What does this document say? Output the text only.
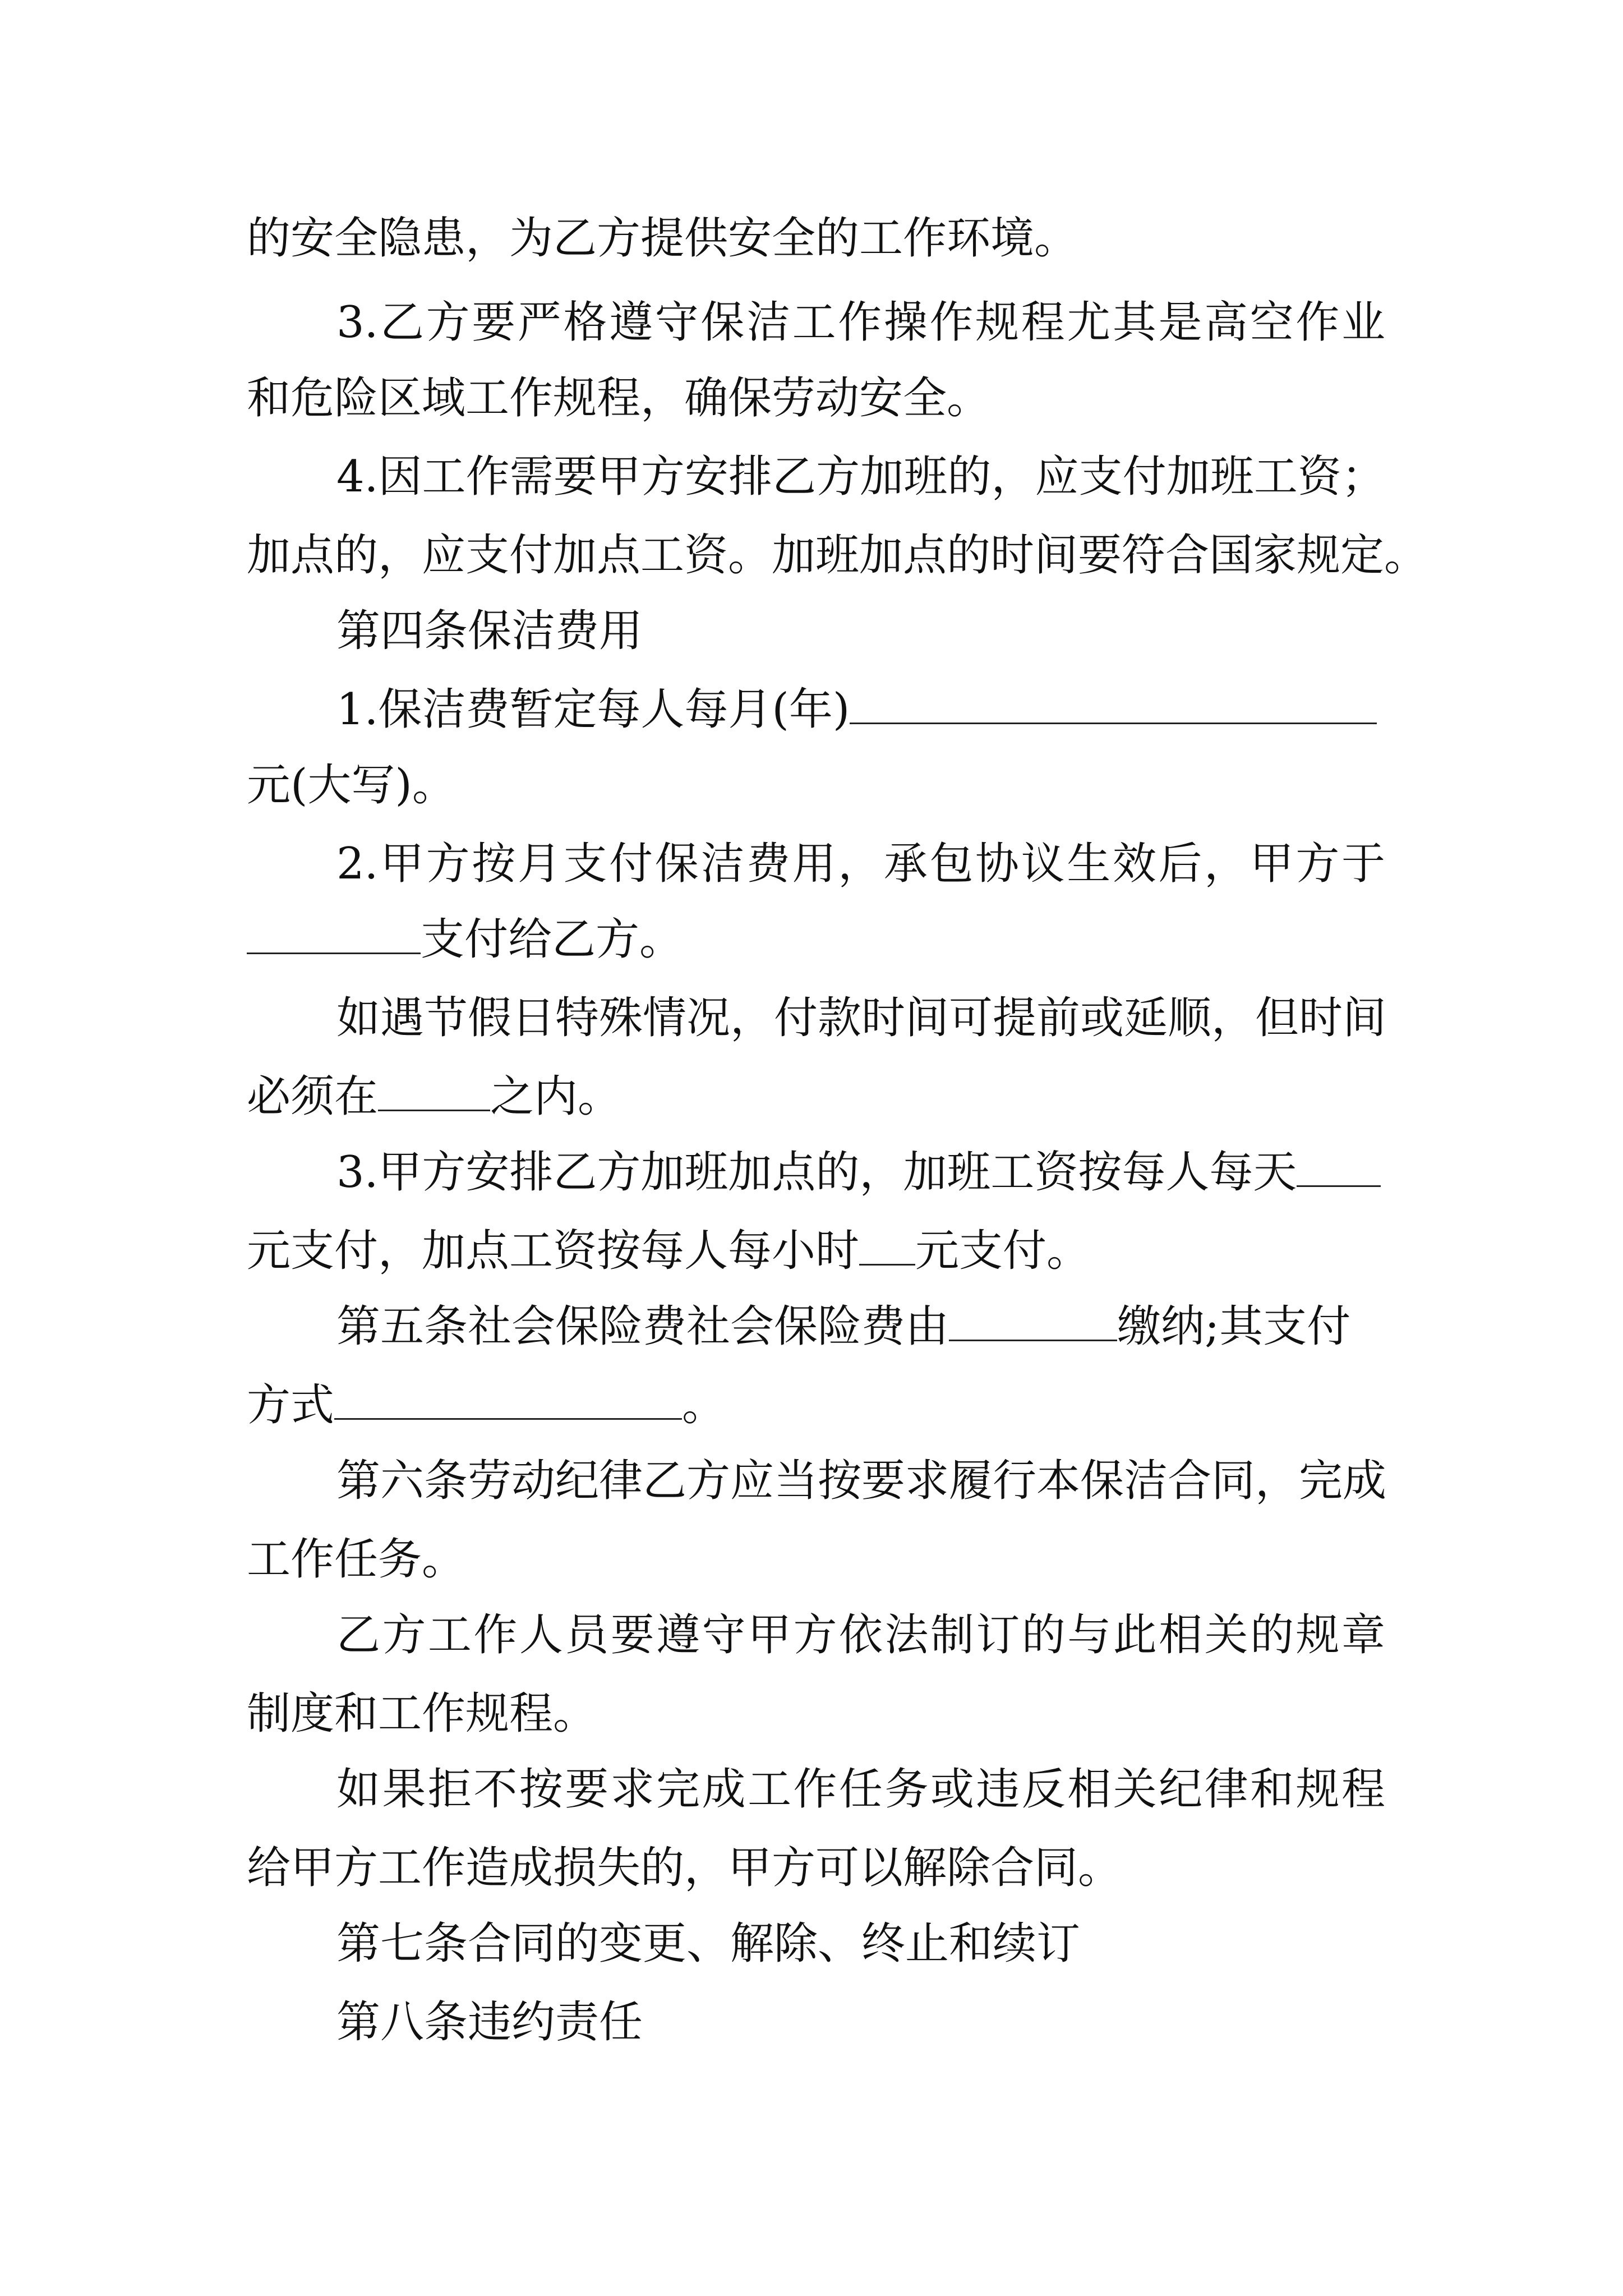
的安全隐患，为乙方提供安全的工作环境。
3.乙方要严格遵守保洁工作操作规程尤其是高空作业
和危险区域工作规程，确保劳动安全。
4.因工作需要甲方安排乙方加班的，应支付加班工资；
加点的，应支付加点工资。加班加点的时间要符合国家规定。
第四条保洁费用
1.保洁费暂定每人每月(年)
元(大写)。
2.甲方按月支付保洁费用，承包协议生效后，甲方于
支付给乙方。
如遇节假日特殊情况，付款时间可提前或延顺，但时间
必须在	之内。
3.甲方安排乙方加班加点的，加班工资按每人每天
元支付，加点工资按每人每小时 元支付。
第五条社会保险费社会保险费由	缴纳;其支付
方式	。
第六条劳动纪律乙方应当按要求履行本保洁合同，完成
工作任务。
乙方工作人员要遵守甲方依法制订的与此相关的规章
制度和工作规程。
如果拒不按要求完成工作任务或违反相关纪律和规程
给甲方工作造成损失的，甲方可以解除合同。
第七条合同的变更、解除、终止和续订
第八条违约责任
